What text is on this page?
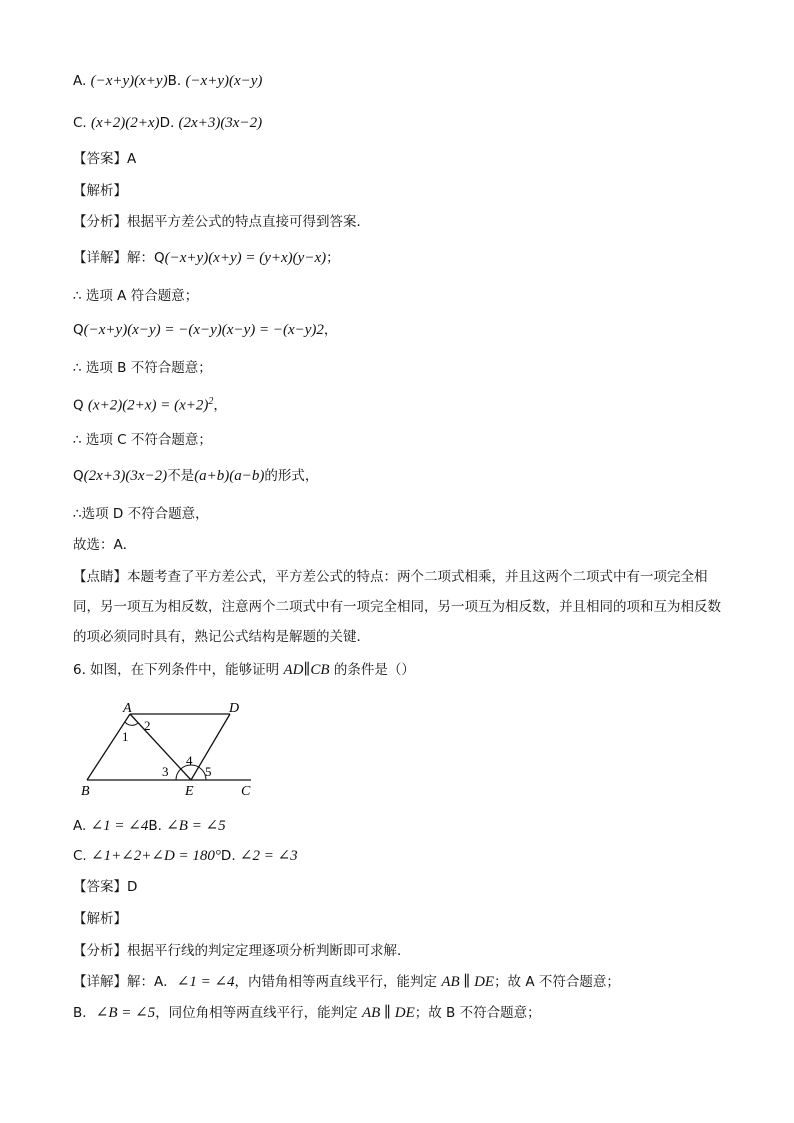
A. (−x+y)(x+y)B. (−x+y)(x−y)
C. (x+2)(2+x)D. (2x+3)(3x−2)
【答案】A
【解析】
【分析】根据平方差公式的特点直接可得到答案．
【详解】解：Q(−x+y)(x+y) = (y+x)(y−x)；
∴ 选项 A 符合题意；
Q(−x+y)(x−y) = −(x−y)(x−y) = −(x−y)2，
∴ 选项 B 不符合题意；
Q $(x+2)(2+x) = (x+2)^2$，
∴ 选项 C 不符合题意；
Q(2x+3)(3x−2)不是(a+b)(a−b)的形式，
∴选项 D 不符合题意，
故选：A．
【点睛】本题考查了平方差公式，平方差公式的特点：两个二项式相乘，并且这两个二项式中有一项完全相同，另一项互为相反数，注意两个二项式中有一项完全相同，另一项互为相反数，并且相同的项和互为相反数的项必须同时具有，熟记公式结构是解题的关键．
6. 如图，在下列条件中，能够证明 AD∥CB 的条件是（）
A	D
B	E	C
1
2
3
4
5
A. ∠1 = ∠4B. ∠B = ∠5
C. ∠1+∠2+∠D = 180°D. ∠2 = ∠3
【答案】D
【解析】
【分析】根据平行线的判定定理逐项分析判断即可求解．
【详解】解：A．∠1 = ∠4，内错角相等两直线平行，能判定 AB ∥ DE；故 A 不符合题意；
B．∠B = ∠5，同位角相等两直线平行，能判定 AB ∥ DE；故 B 不符合题意；
